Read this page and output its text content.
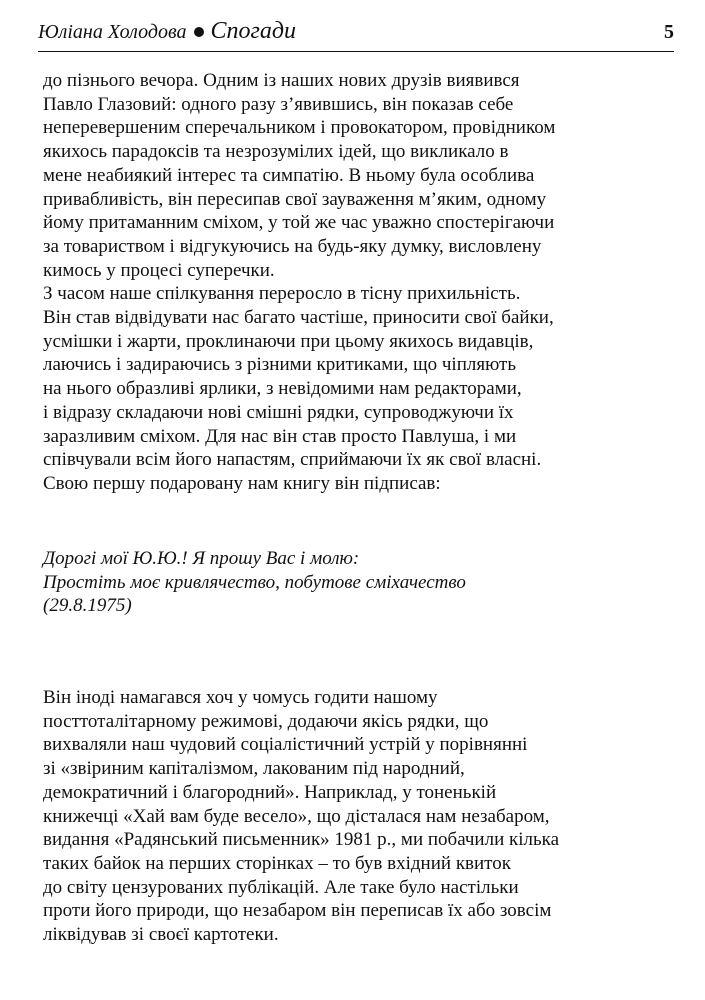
Юліана Холодова Спогади	5
до пізнього вечора. Одним із наших нових друзів виявився
Павло Глазовий: одного разу з’явившись, він показав себе
неперевершеним сперечальником і провокатором, провідником
якихось парадоксів та незрозумілих ідей, що викликало в
мене неабиякий інтерес та симпатію. В ньому була особлива
привабливість, він пересипав свої зауваження м’яким, одному
йому притаманним сміхом, у той же час уважно спостерігаючи
за товариством і відгукуючись на будь-яку думку, висловлену
кимось у процесі суперечки.
З часом наше спілкування переросло в тісну прихильність.
Він став відвідувати нас багато частіше, приносити свої байки,
усмішки і жарти, проклинаючи при цьому якихось видавців,
лаючись і задираючись з різними критиками, що чіпляють
на нього образливі ярлики, з невідомими нам редакторами,
і відразу складаючи нові смішні рядки, супроводжуючи їх
заразливим сміхом. Для нас він став просто Павлуша, і ми
співчували всім його напастям, сприймаючи їх як свої власні.
Свою першу подаровану нам книгу він підписав:
Дорогі мої Ю.Ю.! Я прошу Вас і молю:
Простіть моє кривлячество, побутове сміхачество
(29.8.1975)
Він іноді намагався хоч у чомусь годити нашому
посттоталітарному режимові, додаючи якісь рядки, що
вихваляли наш чудовий соціалістичний устрій у порівнянні
зі «звіриним капіталізмом, лакованим під народний,
демократичний і благородний». Наприклад, у тоненькій
книжечці «Хай вам буде весело», що дісталася нам незабаром,
видання «Радянський письменник» 1981 р., ми побачили кілька
таких байок на перших сторінках – то був вхідний квиток
до світу цензурованих публікацій. Але таке було настільки
проти його природи, що незабаром він переписав їх або зовсім
ліквідував зі своєї картотеки.
